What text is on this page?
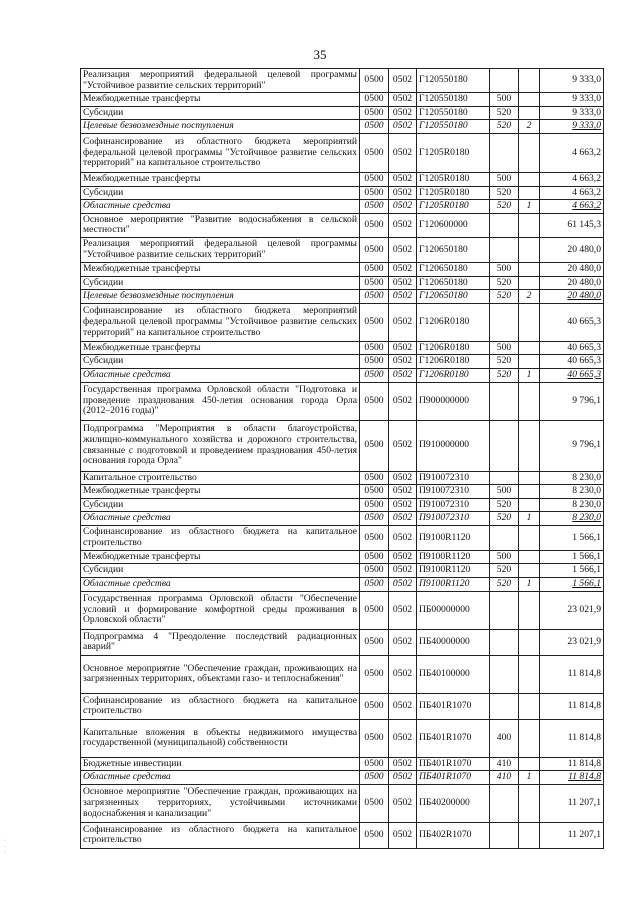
35
Реализация мероприятий федеральной целевой программы "Устойчивое развитие сельских территорий"	0500	0502	Г120550180			9 333,0
Межбюджетные трансферты	0500	0502	Г120550180	500		9 333,0
Субсидии	0500	0502	Г120550180	520		9 333,0
Целевые безвозмездные поступления	0500	0502	Г120550180	520	2	9 333,0
Софинансирование из областного бюджета мероприятий федеральной целевой программы "Устойчивое развитие сельских территорий" на капитальное строительство	0500	0502	Г1205R0180			4 663,2
Межбюджетные трансферты	0500	0502	Г1205R0180	500		4 663,2
Субсидии	0500	0502	Г1205R0180	520		4 663,2
Областные средства	0500	0502	Г1205R0180	520	1	4 663,2
Основное мероприятие "Развитие водоснабжения в сельской местности"	0500	0502	Г120600000			61 145,3
Реализация мероприятий федеральной целевой программы "Устойчивое развитие сельских территорий"	0500	0502	Г120650180			20 480,0
Межбюджетные трансферты	0500	0502	Г120650180	500		20 480,0
Субсидии	0500	0502	Г120650180	520		20 480,0
Целевые безвозмездные поступления	0500	0502	Г120650180	520	2	20 480,0
Софинансирование из областного бюджета мероприятий федеральной целевой программы "Устойчивое развитие сельских территорий" на капитальное строительство	0500	0502	Г1206R0180			40 665,3
Межбюджетные трансферты	0500	0502	Г1206R0180	500		40 665,3
Субсидии	0500	0502	Г1206R0180	520		40 665,3
Областные средства	0500	0502	Г1206R0180	520	1	40 665,3
Государственная программа Орловской области "Подготовка и проведение празднования 450-летия основания города Орла (2012–2016 годы)"	0500	0502	П900000000			9 796,1
Подпрограмма "Мероприятия в области благоустройства, жилищно-коммунального хозяйства и дорожного строительства, связанные с подготовкой и проведением празднования 450-летия основания города Орла"	0500	0502	П910000000			9 796,1
Капитальное строительство	0500	0502	П910072310			8 230,0
Межбюджетные трансферты	0500	0502	П910072310	500		8 230,0
Субсидии	0500	0502	П910072310	520		8 230,0
Областные средства	0500	0502	П910072310	520	1	8 230,0
Софинансирование из областного бюджета на капитальное строительство	0500	0502	П9100R1120			1 566,1
Межбюджетные трансферты	0500	0502	П9100R1120	500		1 566,1
Субсидии	0500	0502	П9100R1120	520		1 566,1
Областные средства	0500	0502	П9100R1120	520	1	1 566,1
Государственная программа Орловской области "Обеспечение условий и формирование комфортной среды проживания в Орловской области"	0500	0502	ПБ00000000			23 021,9
Подпрограмма 4 "Преодоление последствий радиационных аварий"	0500	0502	ПБ40000000			23 021,9
Основное мероприятие "Обеспечение граждан, проживающих на загрязненных территориях, объектами газо- и теплоснабжения"	0500	0502	ПБ40100000			11 814,8
Софинансирование из областного бюджета на капитальное строительство	0500	0502	ПБ401R1070			11 814,8
Капитальные вложения в объекты недвижимого имущества государственной (муниципальной) собственности	0500	0502	ПБ401R1070	400		11 814,8
Бюджетные инвестиции	0500	0502	ПБ401R1070	410		11 814,8
Областные средства	0500	0502	ПБ401R1070	410	1	11 814,8
Основное мероприятие "Обеспечение граждан, проживающих на загрязненных территориях, устойчивыми источниками водоснабжения и канализации"	0500	0502	ПБ40200000			11 207,1
Софинансирование из областного бюджета на капитальное строительство	0500	0502	ПБ402R1070			11 207,1
·
·
·
